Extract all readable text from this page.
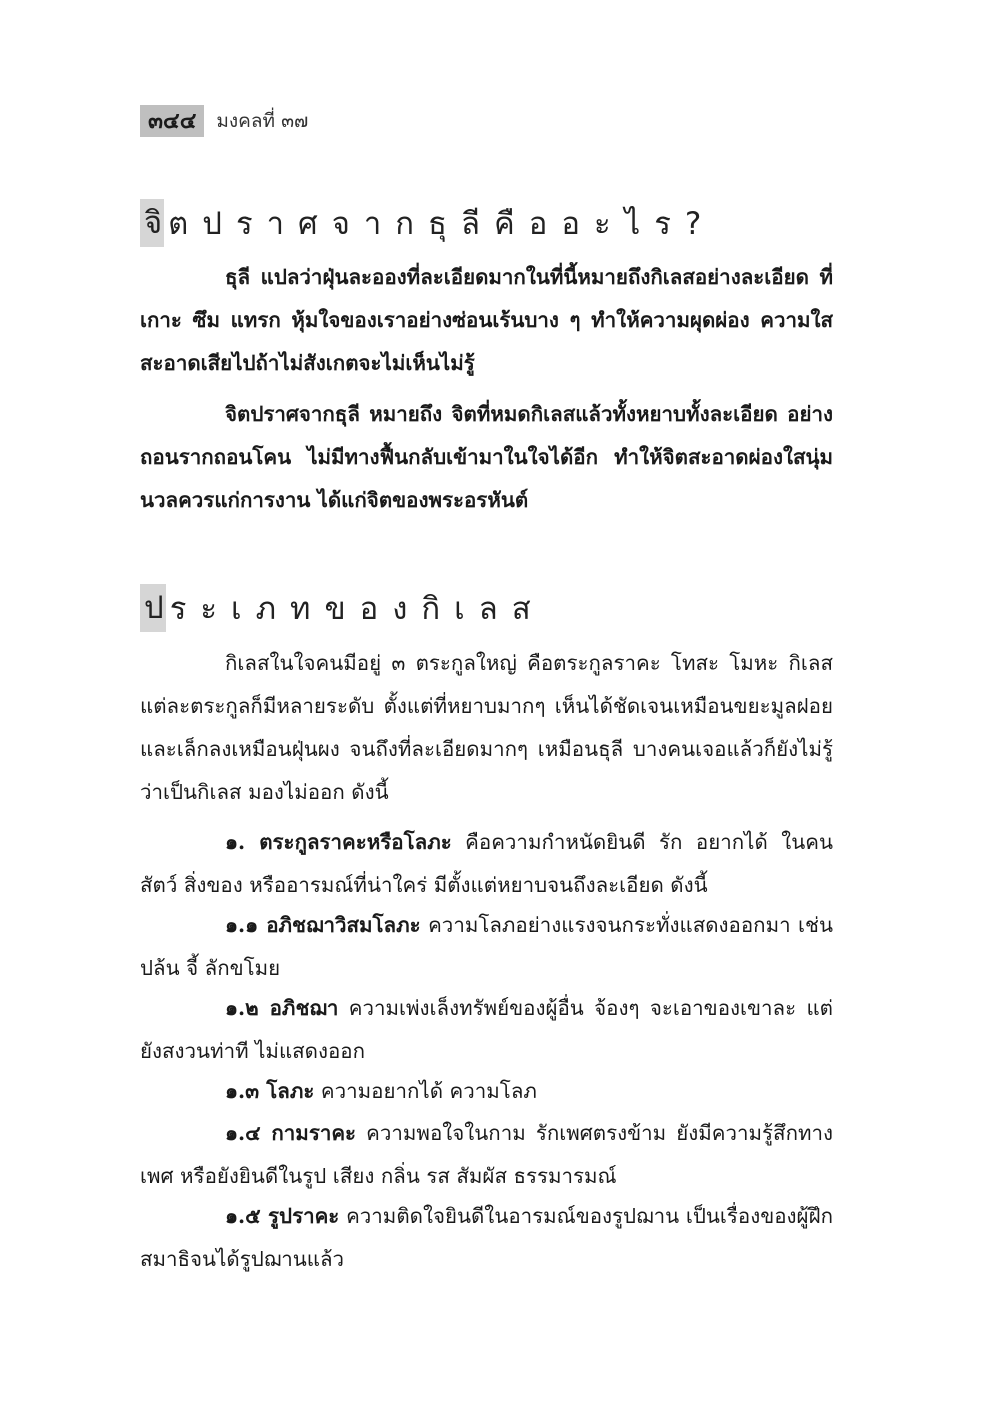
๓๔๔	มงคลที่ ๓๗
จิ ตปราศจากธุลีคืออะไร?

ธุลี แปลว่าฝุ่นละอองที่ละเอียดมากในที่นี้หมายถึงกิเลสอย่างละเอียด ที่เกาะ ซึม แทรก หุ้มใจของเราอย่างซ่อนเร้นบาง ๆ ทำให้ความผุดผ่อง ความใสสะอาดเสียไปถ้าไม่สังเกตจะไม่เห็นไม่รู้

จิตปราศจากธุลี หมายถึง จิตที่หมดกิเลสแล้วทั้งหยาบทั้งละเอียด อย่างถอนรากถอนโคน ไม่มีทางฟื้นกลับเข้ามาในใจได้อีก ทำให้จิตสะอาดผ่องใสนุ่มนวลควรแก่การงาน ได้แก่จิตของพระอรหันต์

ป ระเภทของกิเลส

กิเลสในใจคนมีอยู่ ๓ ตระกูลใหญ่ คือตระกูลราคะ โทสะ โมหะ กิเลสแต่ละตระกูลก็มีหลายระดับ ตั้งแต่ที่หยาบมากๆ เห็นได้ชัดเจนเหมือนขยะมูลฝอย และเล็กลงเหมือนฝุ่นผง จนถึงที่ละเอียดมากๆ เหมือนธุลี บางคนเจอแล้วก็ยังไม่รู้ว่าเป็นกิเลส มองไม่ออก ดังนี้

๑. ตระกูลราคะหรือโลภะ คือความกำหนัดยินดี รัก อยากได้ ในคนสัตว์ สิ่งของ หรืออารมณ์ที่น่าใคร่ มีตั้งแต่หยาบจนถึงละเอียด ดังนี้

๑.๑ อภิชฌาวิสมโลภะ ความโลภอย่างแรงจนกระทั่งแสดงออกมา เช่น ปล้น จี้ ลักขโมย

๑.๒ อภิชฌา ความเพ่งเล็งทรัพย์ของผู้อื่น จ้องๆ จะเอาของเขาละ แต่ยังสงวนท่าที ไม่แสดงออก

๑.๓ โลภะ ความอยากได้ ความโลภ

๑.๔ กามราคะ ความพอใจในกาม รักเพศตรงข้าม ยังมีความรู้สึกทางเพศ หรือยังยินดีในรูป เสียง กลิ่น รส สัมผัส ธรรมารมณ์

๑.๕ รูปราคะ ความติดใจยินดีในอารมณ์ของรูปฌาน เป็นเรื่องของผู้ฝึกสมาธิจนได้รูปฌานแล้ว
